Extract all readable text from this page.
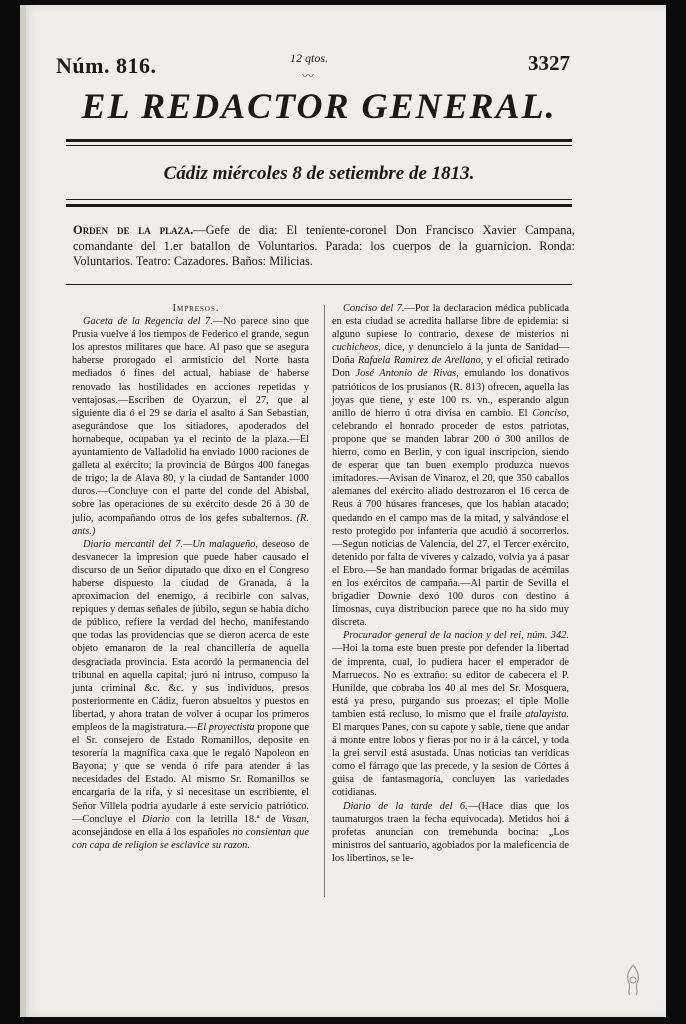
Núm. 816.	12 qtos.
〰
3327
EL REDACTOR GENERAL.
Cádiz miércoles 8 de setiembre de 1813.
Orden de la plaza.—Gefe de dia: El teniente-coronel Don Francisco Xavier Campana, comandante del 1.er batallon de Voluntarios. Parada: los cuerpos de la guarnicion. Ronda: Voluntarios. Teatro: Cazadores. Baños: Milicias.

Impresos.

Gaceta de la Regencia del 7.—No parece sino que Prusia vuelve á los tiempos de Federico el grande, segun los aprestos militares que hace. Al paso que se asegura haberse prorogado el armisticio del Norte hasta mediados ó fines del actual, habiase de haberse renovado las hostilidades en acciones repetidas y ventajosas.—Escriben de Oyarzun, el 27, que al siguiente dia ó el 29 se daria el asalto á San Sebastian, asegurándose que los sitiadores, apoderados del hornabeque, ocupaban ya el recinto de la plaza.—El ayuntamiento de Valladolid ha enviado 1000 raciones de galleta al exército; la provincia de Búrgos 400 fanegas de trigo; la de Alava 80, y la ciudad de Santander 1000 duros.—Concluye con el parte del conde del Abisbal, sobre las operaciones de su exército desde 26 á 30 de julio, acompañando otros de los gefes subalternos. (R. ants.)

Diario mercantil del 7.—Un malagueño, deseoso de desvanecer la impresion que puede haber causado el discurso de un Señor diputado que dixo en el Congreso haberse dispuesto la ciudad de Granada, á la aproximacion del enemigo, á recibirle con salvas, repiques y demas señales de júbilo, segun se habia dicho de público, refiere la verdad del hecho, manifestando que todas las providencias que se dieron acerca de este objeto emanaron de la real chancillería de aquella desgraciada provincia. Esta acordó la permanencia del tribunal en aquella capital; juró ni intruso, compuso la junta criminal &c. &c. y sus individuos, presos posteriormente en Cádiz, fueron absueltos y puestos en libertad, y ahora tratan de volver á ocupar los primeros empleos de la magistratura.—El proyectista propone que el Sr. consejero de Estado Romanillos, deposite en tesorería la magnífica caxa que le regaló Napoleon en Bayona; y que se venda ó rife para atender á las necesidades del Estado. Al mismo Sr. Romanillos se encargaria de la rifa, y si necesitase un escribiente, el Señor Villela podria ayudarle á este servicio patriótico.—Concluye el Diario con la letrilla 18.ª de Vasan, aconsejándose en ella á los españoles no consientan que con capa de religion se esclavice su razon.

Conciso del 7.—Por la declaracion médica publicada en esta ciudad se acredita hallarse libre de epidemia: si alguno supiese lo contrario, dexese de misterios ni cuchicheos, dice, y denuncielo á la junta de Sanidad—Doña Rafaela Ramirez de Arellano, y el oficial retirado Don José Antonio de Rivas, emulando los donativos patrióticos de los prusianos (R. 813) ofrecen, aquella las joyas que tiene, y este 100 rs. vn., esperando algun anillo de hierro ú otra divisa en cambio. El Conciso, celebrando el honrado proceder de estos patriotas, propone que se manden labrar 200 ó 300 anillos de hierro, como en Berlin, y con igual inscripcion, siendo de esperar que tan buen exemplo produzca nuevos imitadores.—Avisan de Vinaroz, el 20, que 350 caballos alemanes del exército aliado destrozaron el 16 cerca de Reus á 700 húsares franceses, que los habian atacado; quedando en el campo mas de la mitad, y salvándose el resto protegido por infantería que acudió á socorrerlos.—Segun noticias de Valencia, del 27, el Tercer exército, detenido por falta de víveres y calzado, volvia ya á pasar el Ebro.—Se han mandado formar brigadas de acémilas en los exércitos de campaña.—Al partir de Sevilla el brigadier Downie dexó 100 duros con destino á limosnas, cuya distribucion parece que no ha sido muy discreta.

Procurador general de la nacion y del rei, núm. 342.—Hoi la toma este buen preste por defender la libertad de imprenta, cual, lo pudiera hacer el emperador de Marruecos. No es extraño: su editor de cabecera el P. Hunilde, que cobraba los 40 al mes del Sr. Mosquera, está ya preso, purgando sus proezas; el tiple Molle tambien está recluso, lo mismo que el fraile atalayista. El marques Panes, con su capote y sable, tiene que andar á monte entre lobos y fieras por no ir á la cárcel, y toda la grei servil está asustada. Unas noticias tan verídicas como el fárrago que las precede, y la sesion de Córtes á guisa de fantasmagoría, concluyen las variedades cotidianas.

Diario de la tarde del 6.—(Hace dias que los taumaturgos traen la fecha equivocada). Metidos hoi á profetas anuncian con tremebunda bocina: „Los ministros del santuario, agobiados por la maleficencia de los libertinos, se le-
